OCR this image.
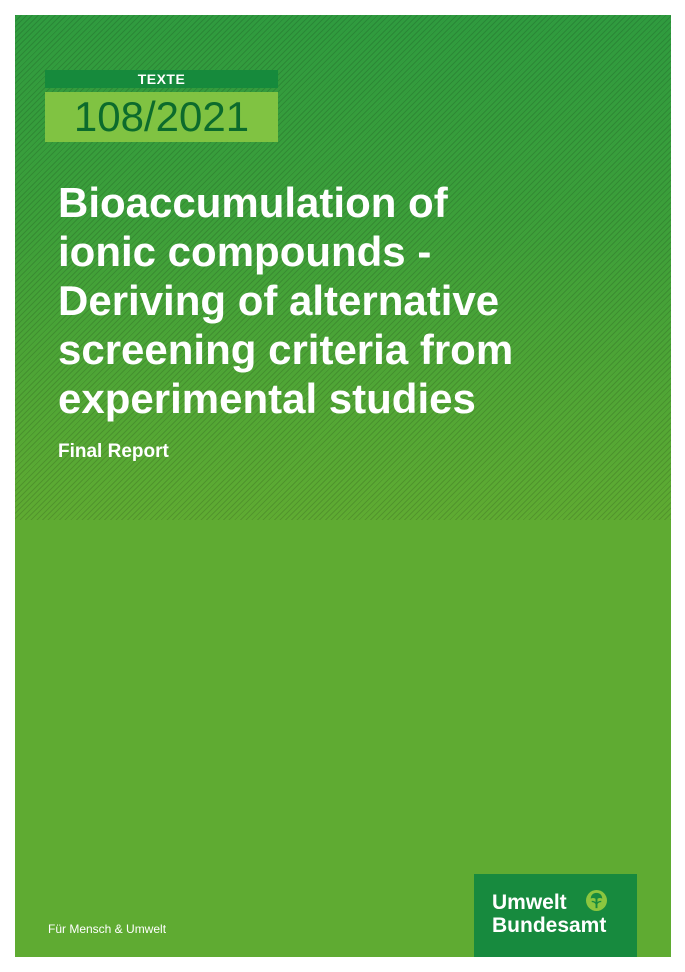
TEXTE
108/2021
Bioaccumulation of
ionic compounds -
Deriving of alternative
screening criteria from
experimental studies

Final Report

Für Mensch & Umwelt
Umwelt
Bundesamt
